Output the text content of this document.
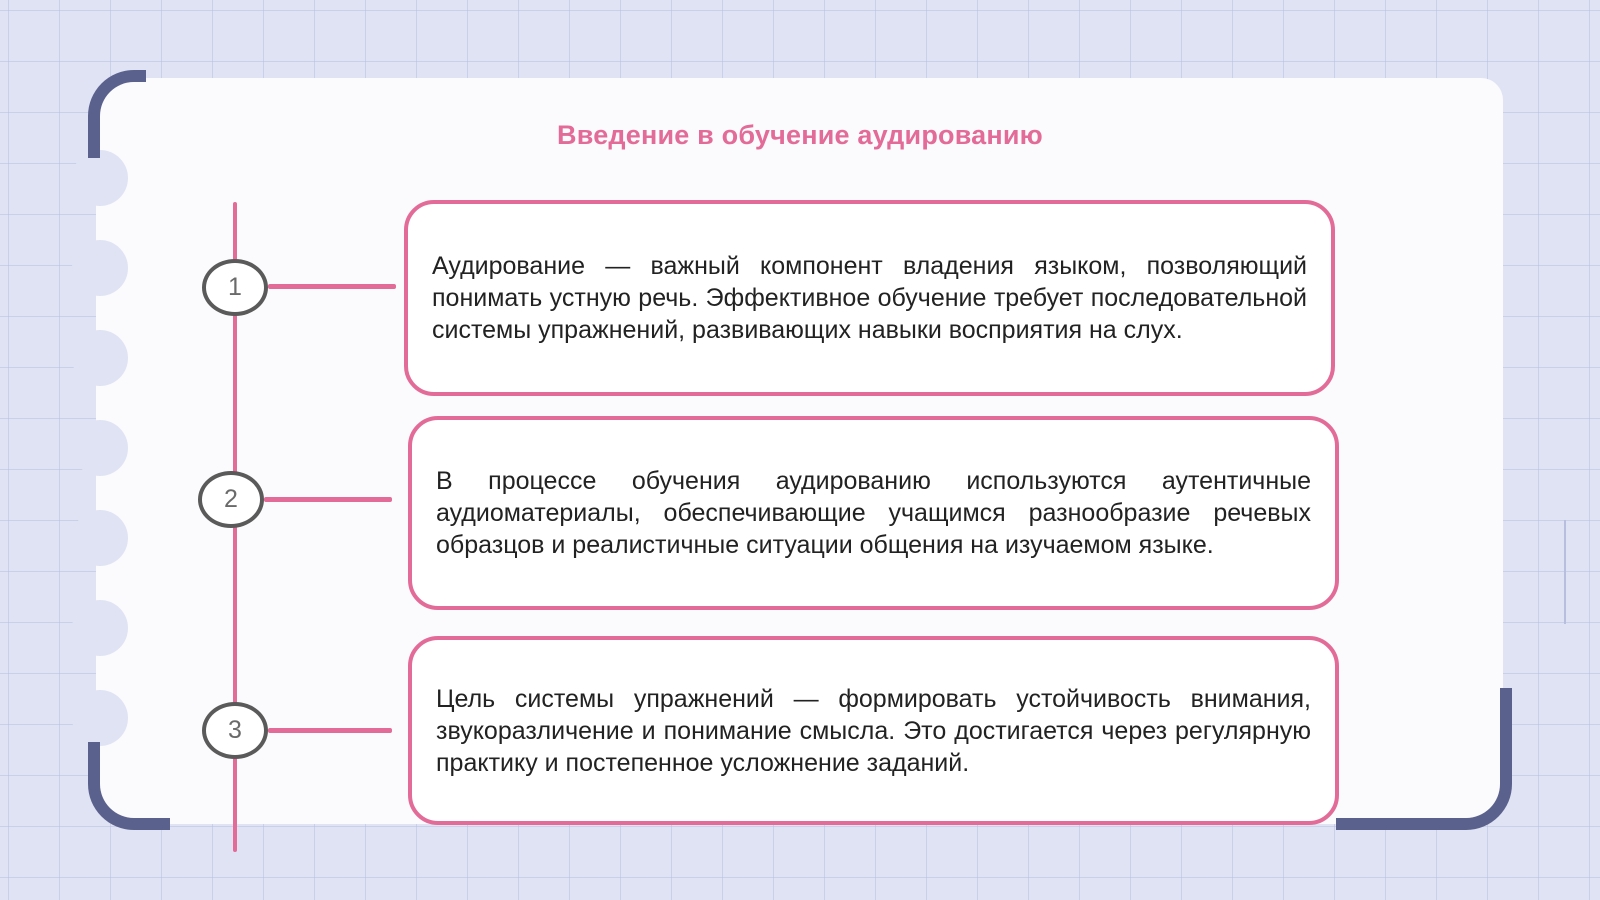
Введение в обучение аудированию
1
Аудирование — важный компонент владения языком, позволяющий понимать устную речь. Эффективное обучение требует последовательной системы упражнений, развивающих навыки восприятия на слух.
2
В процессе обучения аудированию используются аутентичные аудиоматериалы, обеспечивающие учащимся разнообразие речевых образцов и реалистичные ситуации общения на изучаемом языке.
3
Цель системы упражнений — формировать устойчивость внимания, звукоразличение и понимание смысла. Это достигается через регулярную практику и постепенное усложнение заданий.
